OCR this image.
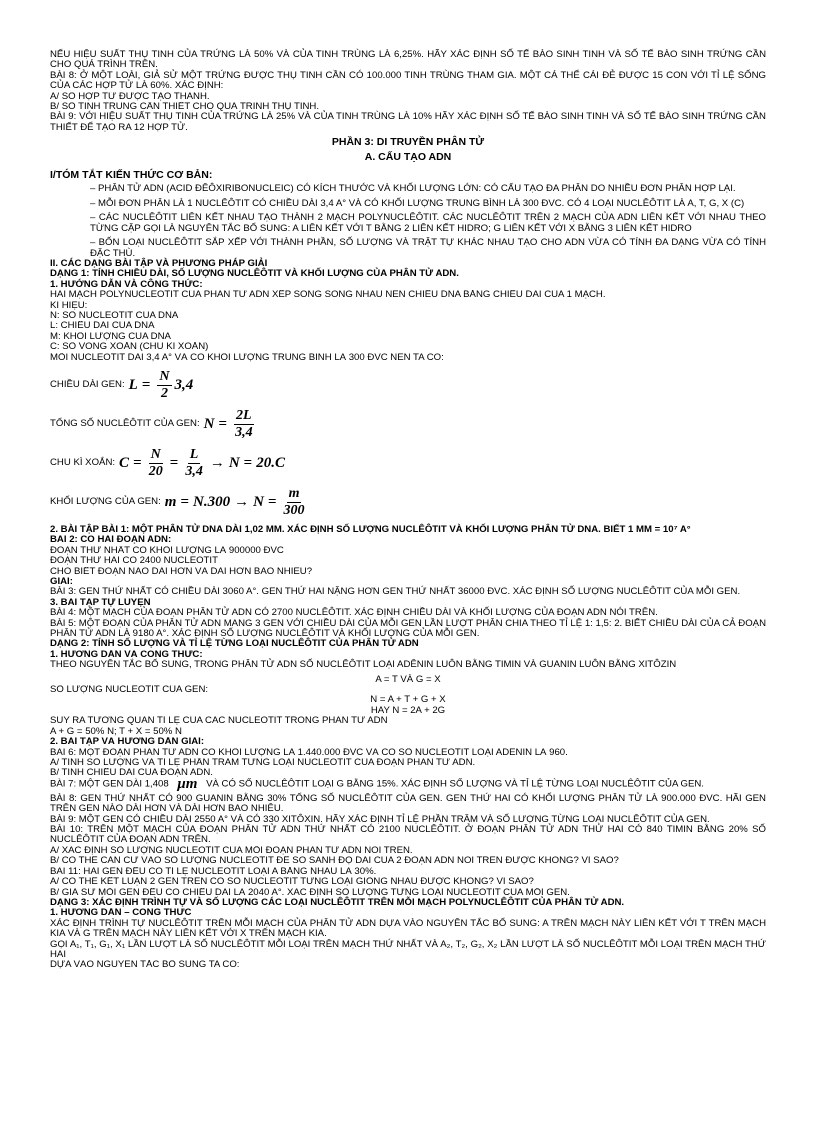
NẾU HIỆU SUẤT THỤ TINH CỦA TRỨNG LÀ 50% VÀ CỦA TINH TRÙNG LÀ 6,25%. HÃY XÁC ĐỊNH SỐ TẾ BÀO SINH TINH VÀ SỐ TẾ BÀO SINH TRỨNG CẦN CHO QUÁ TRÌNH TRÊN.
BÀI 8: Ở MỘT LOÀI, GIẢ SỬ MỘT TRỨNG ĐƯỢC THỤ TINH CẦN CÓ 100.000 TINH TRÙNG THAM GIA. MỘT CÁ THỂ CÁI ĐẺ ĐƯỢC 15 CON VỚI TỈ LỆ SỐNG CỦA CÁC HỢP TỬ LÀ 60%. XÁC ĐỊNH:
A/ SỐ HỢP TỬ ĐƯỢC TẠO THÀNH.
B/ SỐ TINH TRÙNG CẦN THIẾT CHO QUÁ TRÌNH THỤ TINH.
BÀI 9: VỚI HIỆU SUẤT THỤ TINH CỦA TRỨNG LÀ 25% VÀ CỦA TINH TRÙNG LÀ 10% HÃY XÁC ĐỊNH SỐ TẾ BÀO SINH TINH VÀ SỐ TẾ BÀO SINH TRỨNG CẦN THIẾT ĐỂ TẠO RA 12 HỢP TỬ.
PHẦN 3: DI TRUYỀN PHÂN TỬ
A. CẤU TẠO ADN
I/TÓM TẮT KIẾN THỨC CƠ BẢN:
– PHÂN TỬ ADN (ACID ĐÊÔXIRIBONUCLEIC) CÓ KÍCH THƯỚC VÀ KHỐI LƯỢNG LỚN: CÓ CẤU TẠO ĐA PHÂN DO NHIỀU ĐƠN PHÂN HỢP LẠI.
– MỖI ĐƠN PHÂN LÀ 1 NUCLÊÔTIT CÓ CHIỀU DÀI 3,4 A° VÀ CÓ KHỐI LƯỢNG TRUNG BÌNH LÀ 300 ĐVC. CÓ 4 LOẠI NUCLÊÔTIT LÀ A, T, G, X (C)
– CÁC NUCLÊÔTIT LIÊN KẾT NHAU TẠO THÀNH 2 MẠCH POLYNUCLÊÔTIT. CÁC NUCLÊÔTIT TRÊN 2 MẠCH CỦA ADN LIÊN KẾT VỚI NHAU THEO TỪNG CẶP GỌI LÀ NGUYÊN TẮC BỔ SUNG: A LIÊN KẾT VỚI T BẰNG 2 LIÊN KẾT HIDRO; G LIÊN KẾT VỚI X BẰNG 3 LIÊN KẾT HIDRO
– BỐN LOẠI NUCLÊÔTIT SẮP XẾP VỚI THÀNH PHẦN, SỐ LƯỢNG VÀ TRẬT TỰ KHÁC NHAU TẠO CHO ADN VỪA CÓ TÍNH ĐA DẠNG VỪA CÓ TÍNH ĐẶC THÙ.
II. CÁC DẠNG BÀI TẬP VÀ PHƯƠNG PHÁP GIẢI
DẠNG 1: TÍNH CHIỀU DÀI, SỐ LƯỢNG NUCLÊÔTIT VÀ KHỐI LƯỢNG CỦA PHÂN TỬ ADN.
1. HƯỚNG DẪN VÀ CÔNG THỨC:
HAI MẠCH POLYNUCLÊÔTIT CỦA PHÂN TỬ ADN XẾP SONG SONG NHAU NÊN CHIỀU DNA BẰNG CHIỀU DÀI CỦA 1 MẠCH.
KÍ HIỆU:
N: SỐ NUCLÊÔTIT CỦA DNA
L: CHIỀU DÀI CỦA DNA
M: KHỐI LƯỢNG CỦA DNA
C: SỐ VÒNG XOẮN (CHU KÌ XOẮN)
MỖI NUCLÊÔTIT DÀI 3,4 A° VÀ CÓ KHỐI LƯỢNG TRUNG BÌNH LÀ 300 ĐVC NÊN TA CÓ:
CHIỀU DÀI GEN: $L = \frac{N}{2} 3,4$
TỔNG SỐ NUCLÊÔTIT CỦA GEN: $N = \frac{2L}{3,4}$
CHU KÌ XOẮN: $C = \frac{N}{20} = \frac{L}{3,4} \to N = 20.C$
KHỐI LƯỢNG CỦA GEN: $m = N.300 \to N = \frac{m}{300}$
2. BÀI TẬP BÀI 1: MỘT PHÂN TỬ DNA DÀI 1,02 MM. XÁC ĐỊNH SỐ LƯỢNG NUCLÊÔTIT VÀ KHỐI LƯỢNG PHÂN TỬ DNA. BIẾT 1 MM = 10⁷ A°
BÀI 2: CÓ HAI ĐOẠN ADN:
ĐOẠN THỨ NHẤT CÓ KHỐI LƯỢNG LÀ 900000 ĐVC
ĐOẠN THỨ HAI CÓ 2400 NUCLÊÔTIT
CHO BIẾT ĐOẠN NÀO DÀI HƠN VÀ DÀI HƠN BAO NHIÊU?
GIẢI:
BÀI 3: GEN THỨ NHẤT CÓ CHIỀU DÀI 3060 A°. GEN THỨ HAI NẶNG HƠN GEN THỨ NHẤT 36000 ĐVC. XÁC ĐỊNH SỐ LƯỢNG NUCLÊÔTIT CỦA MỖI GEN.
3. BÀI TẬP TỰ LUYỆN
BÀI 4: MỘT MẠCH CỦA ĐOẠN PHÂN TỬ ADN CÓ 2700 NUCLÊÔTIT. XÁC ĐỊNH CHIỀU DÀI VÀ KHỐI LƯỢNG CỦA ĐOẠN ADN NÓI TRÊN.
BÀI 5: MỘT ĐOẠN CỦA PHÂN TỬ ADN MANG 3 GEN VỚI CHIỀU DÀI CỦA MỖI GEN LẦN LƯỢT PHÂN CHIA THEO TỈ LỆ 1: 1,5: 2. BIẾT CHIỀU DÀI CỦA CẢ ĐOẠN PHÂN TỬ ADN LÀ 9180 A°. XÁC ĐỊNH SỐ LƯỢNG NUCLÊÔTIT VÀ KHỐI LƯỢNG CỦA MỖI GEN.
DẠNG 2: TÍNH SỐ LƯỢNG VÀ TỈ LỆ TỪNG LOẠI NUCLÊÔTIT CỦA PHÂN TỬ ADN
1. HƯỚNG DẪN VÀ CÔNG THỨC:
THEO NGUYÊN TẮC BỔ SUNG, TRONG PHÂN TỬ ADN SỐ NUCLÊÔTIT LOẠI ADÊNIN LUÔN BẰNG TIMIN VÀ GUANIN LUÔN BẰNG XITÔZIN
A = T VÀ G = X
SỐ LƯỢNG NUCLÊÔTIT CỦA GEN:
N = A + T + G + X
HAY N = 2A + 2G
SUY RA TƯƠNG QUAN TỈ LỆ CỦA CÁC NUCLÊÔTIT TRONG PHÂN TỬ ADN
A + G = 50% N; T + X = 50% N
2. BÀI TẬP VÀ HƯỚNG DẪN GIẢI:
BÀI 6: MỘT ĐOẠN PHÂN TỬ ADN CÓ KHỐI LƯỢNG LÀ 1.440.000 ĐVC VÀ CÓ SỐ NUCLÊÔTIT LOẠI ADÊNIN LÀ 960.
A/ TÍNH SỐ LƯỢNG VÀ TỈ LỆ PHẦN TRĂM TỪNG LOẠI NUCLÊÔTIT CỦA ĐOẠN PHÂN TỬ ADN.
B/ TÍNH CHIỀU DÀI CỦA ĐOẠN ADN.
BÀI 7: MỘT GEN DÀI 1,408 μm VÀ CÓ SỐ NUCLÊÔTIT LOẠI G BẰNG 15%. XÁC ĐỊNH SỐ LƯỢNG VÀ TỈ LỆ TỪNG LOẠI NUCLÊÔTIT CỦA GEN.
BÀI 8: GEN THỨ NHẤT CÓ 900 GUANIN BẰNG 30% TỔNG SỐ NUCLÊÔTIT CỦA GEN. GEN THỨ HAI CÓ KHỐI LƯỢNG PHÂN TỬ LÀ 900.000 ĐVC. HÃI GEN TRÊN GEN NÀO DÀI HƠN VÀ DÀI HƠN BAO NHIÊU.
BÀI 9: MỘT GEN CÓ CHIỀU DÀI 2550 A° VÀ CÓ 330 XITÔXIN. HÃY XÁC ĐỊNH TỈ LỆ PHẦN TRĂM VÀ SỐ LƯỢNG TỪNG LOẠI NUCLÊÔTIT CỦA GEN.
BÀI 10: TRÊN MỘT MẠCH CỦA ĐOẠN PHÂN TỬ ADN THỨ NHẤT CÓ 2100 NUCLÊÔTIT. Ở ĐOẠN PHÂN TỬ ADN THỨ HAI CÓ 840 TIMIN BẰNG 20% SỐ NUCLÊÔTIT CỦA ĐOẠN ADN TRÊN.
A/ XÁC ĐỊNH SỐ LƯỢNG NUCLÊÔTIT CỦA MỖI ĐOẠN PHÂN TỬ ADN NÓI TRÊN.
B/ CÓ THỂ CĂN CỨ VÀO SỐ LƯỢNG NUCLÊÔTIT ĐỂ SO SÁNH ĐỘ DÀI CỦA 2 ĐOẠN ADN NÓI TRÊN ĐƯỢC KHÔNG? VÌ SAO?
BÀI 11: HAI GEN ĐỀU CÓ TỈ LỆ NUCLÊÔTIT LOẠI A BẰNG NHAU LÀ 30%.
A/ CÓ THỂ KẾT LUẬN 2 GEN TRÊN CÓ SỐ NUCLÊÔTIT TỪNG LOẠI GIỐNG NHAU ĐƯỢC KHÔNG? VÌ SAO?
B/ GIẢ SỬ MỖI GEN ĐỀU CÓ CHIỀU DÀI LÀ 2040 A°. XÁC ĐỊNH SỐ LƯỢNG TỪNG LOẠI NUCLÊÔTIT CỦA MỖI GEN.
DẠNG 3: XÁC ĐỊNH TRÌNH TỰ VÀ SỐ LƯỢNG CÁC LOẠI NUCLÊÔTIT TRÊN MỖI MẠCH POLYNUCLÊÔTIT CỦA PHÂN TỬ ADN.
1. HƯỚNG DẪN – CÔNG THỨC
XÁC ĐỊNH TRÌNH TỰ NUCLÊÔTIT TRÊN MỖI MẠCH CỦA PHÂN TỬ ADN DỰA VÀO NGUYÊN TẮC BỔ SUNG: A TRÊN MẠCH NÀY LIÊN KẾT VỚI T TRÊN MẠCH KIA VÀ G TRÊN MẠCH NÀY LIÊN KẾT VỚI X TRÊN MẠCH KIA.
GỌI A₁, T₁, G₁, X₁ LẦN LƯỢT LÀ SỐ NUCLÊÔTIT MỖI LOẠI TRÊN MẠCH THỨ NHẤT VÀ A₂, T₂, G₂, X₂ LẦN LƯỢT LÀ SỐ NUCLÊÔTIT MỖI LOẠI TRÊN MẠCH THỨ HAI
DỰA VÀO NGUYÊN TẮC BỔ SUNG TA CÓ:
